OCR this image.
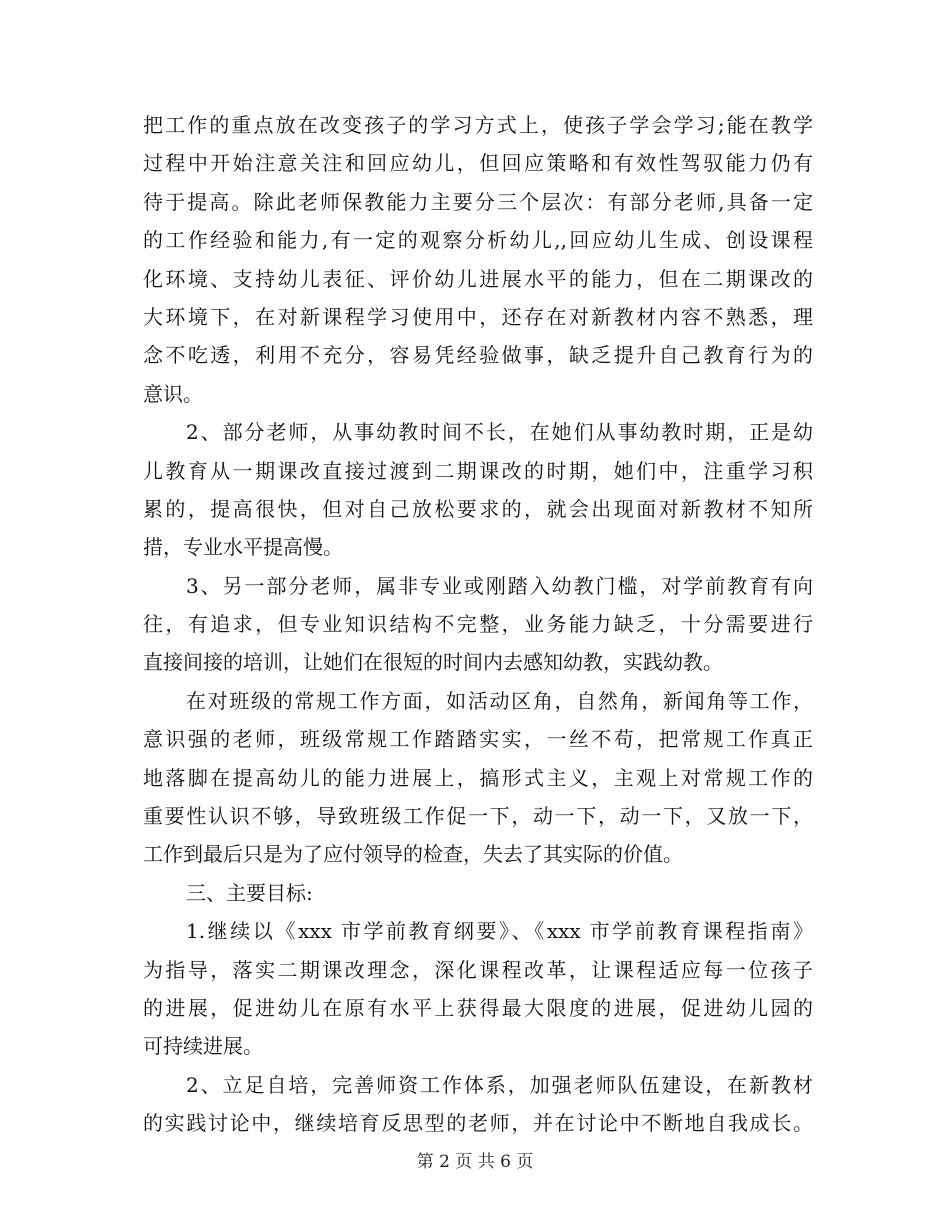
把工作的重点放在改变孩子的学习方式上，使孩子学会学习;能在教学
过程中开始注意关注和回应幼儿，但回应策略和有效性驾驭能力仍有
待于提高。除此老师保教能力主要分三个层次：有部分老师,具备一定
的工作经验和能力,有一定的观察分析幼儿,,回应幼儿生成、创设课程
化环境、支持幼儿表征、评价幼儿进展水平的能力，但在二期课改的
大环境下，在对新课程学习使用中，还存在对新教材内容不熟悉，理
念不吃透，利用不充分，容易凭经验做事，缺乏提升自己教育行为的
意识。
2、部分老师，从事幼教时间不长，在她们从事幼教时期，正是幼
儿教育从一期课改直接过渡到二期课改的时期，她们中，注重学习积
累的，提高很快，但对自己放松要求的，就会出现面对新教材不知所
措，专业水平提高慢。
3、另一部分老师，属非专业或刚踏入幼教门槛，对学前教育有向
往，有追求，但专业知识结构不完整，业务能力缺乏，十分需要进行
直接间接的培训，让她们在很短的时间内去感知幼教，实践幼教。
在对班级的常规工作方面，如活动区角，自然角，新闻角等工作，
意识强的老师，班级常规工作踏踏实实，一丝不苟，把常规工作真正
地落脚在提高幼儿的能力进展上，搞形式主义，主观上对常规工作的
重要性认识不够，导致班级工作促一下，动一下，动一下，又放一下，
工作到最后只是为了应付领导的检查，失去了其实际的价值。
三、主要目标:
1.继续以《xxx 市学前教育纲要》、《xxx 市学前教育课程指南》
为指导，落实二期课改理念，深化课程改革，让课程适应每一位孩子
的进展，促进幼儿在原有水平上获得最大限度的进展，促进幼儿园的
可持续进展。
2、立足自培，完善师资工作体系，加强老师队伍建设，在新教材
的实践讨论中，继续培育反思型的老师，并在讨论中不断地自我成长。
第 2 页 共 6 页
